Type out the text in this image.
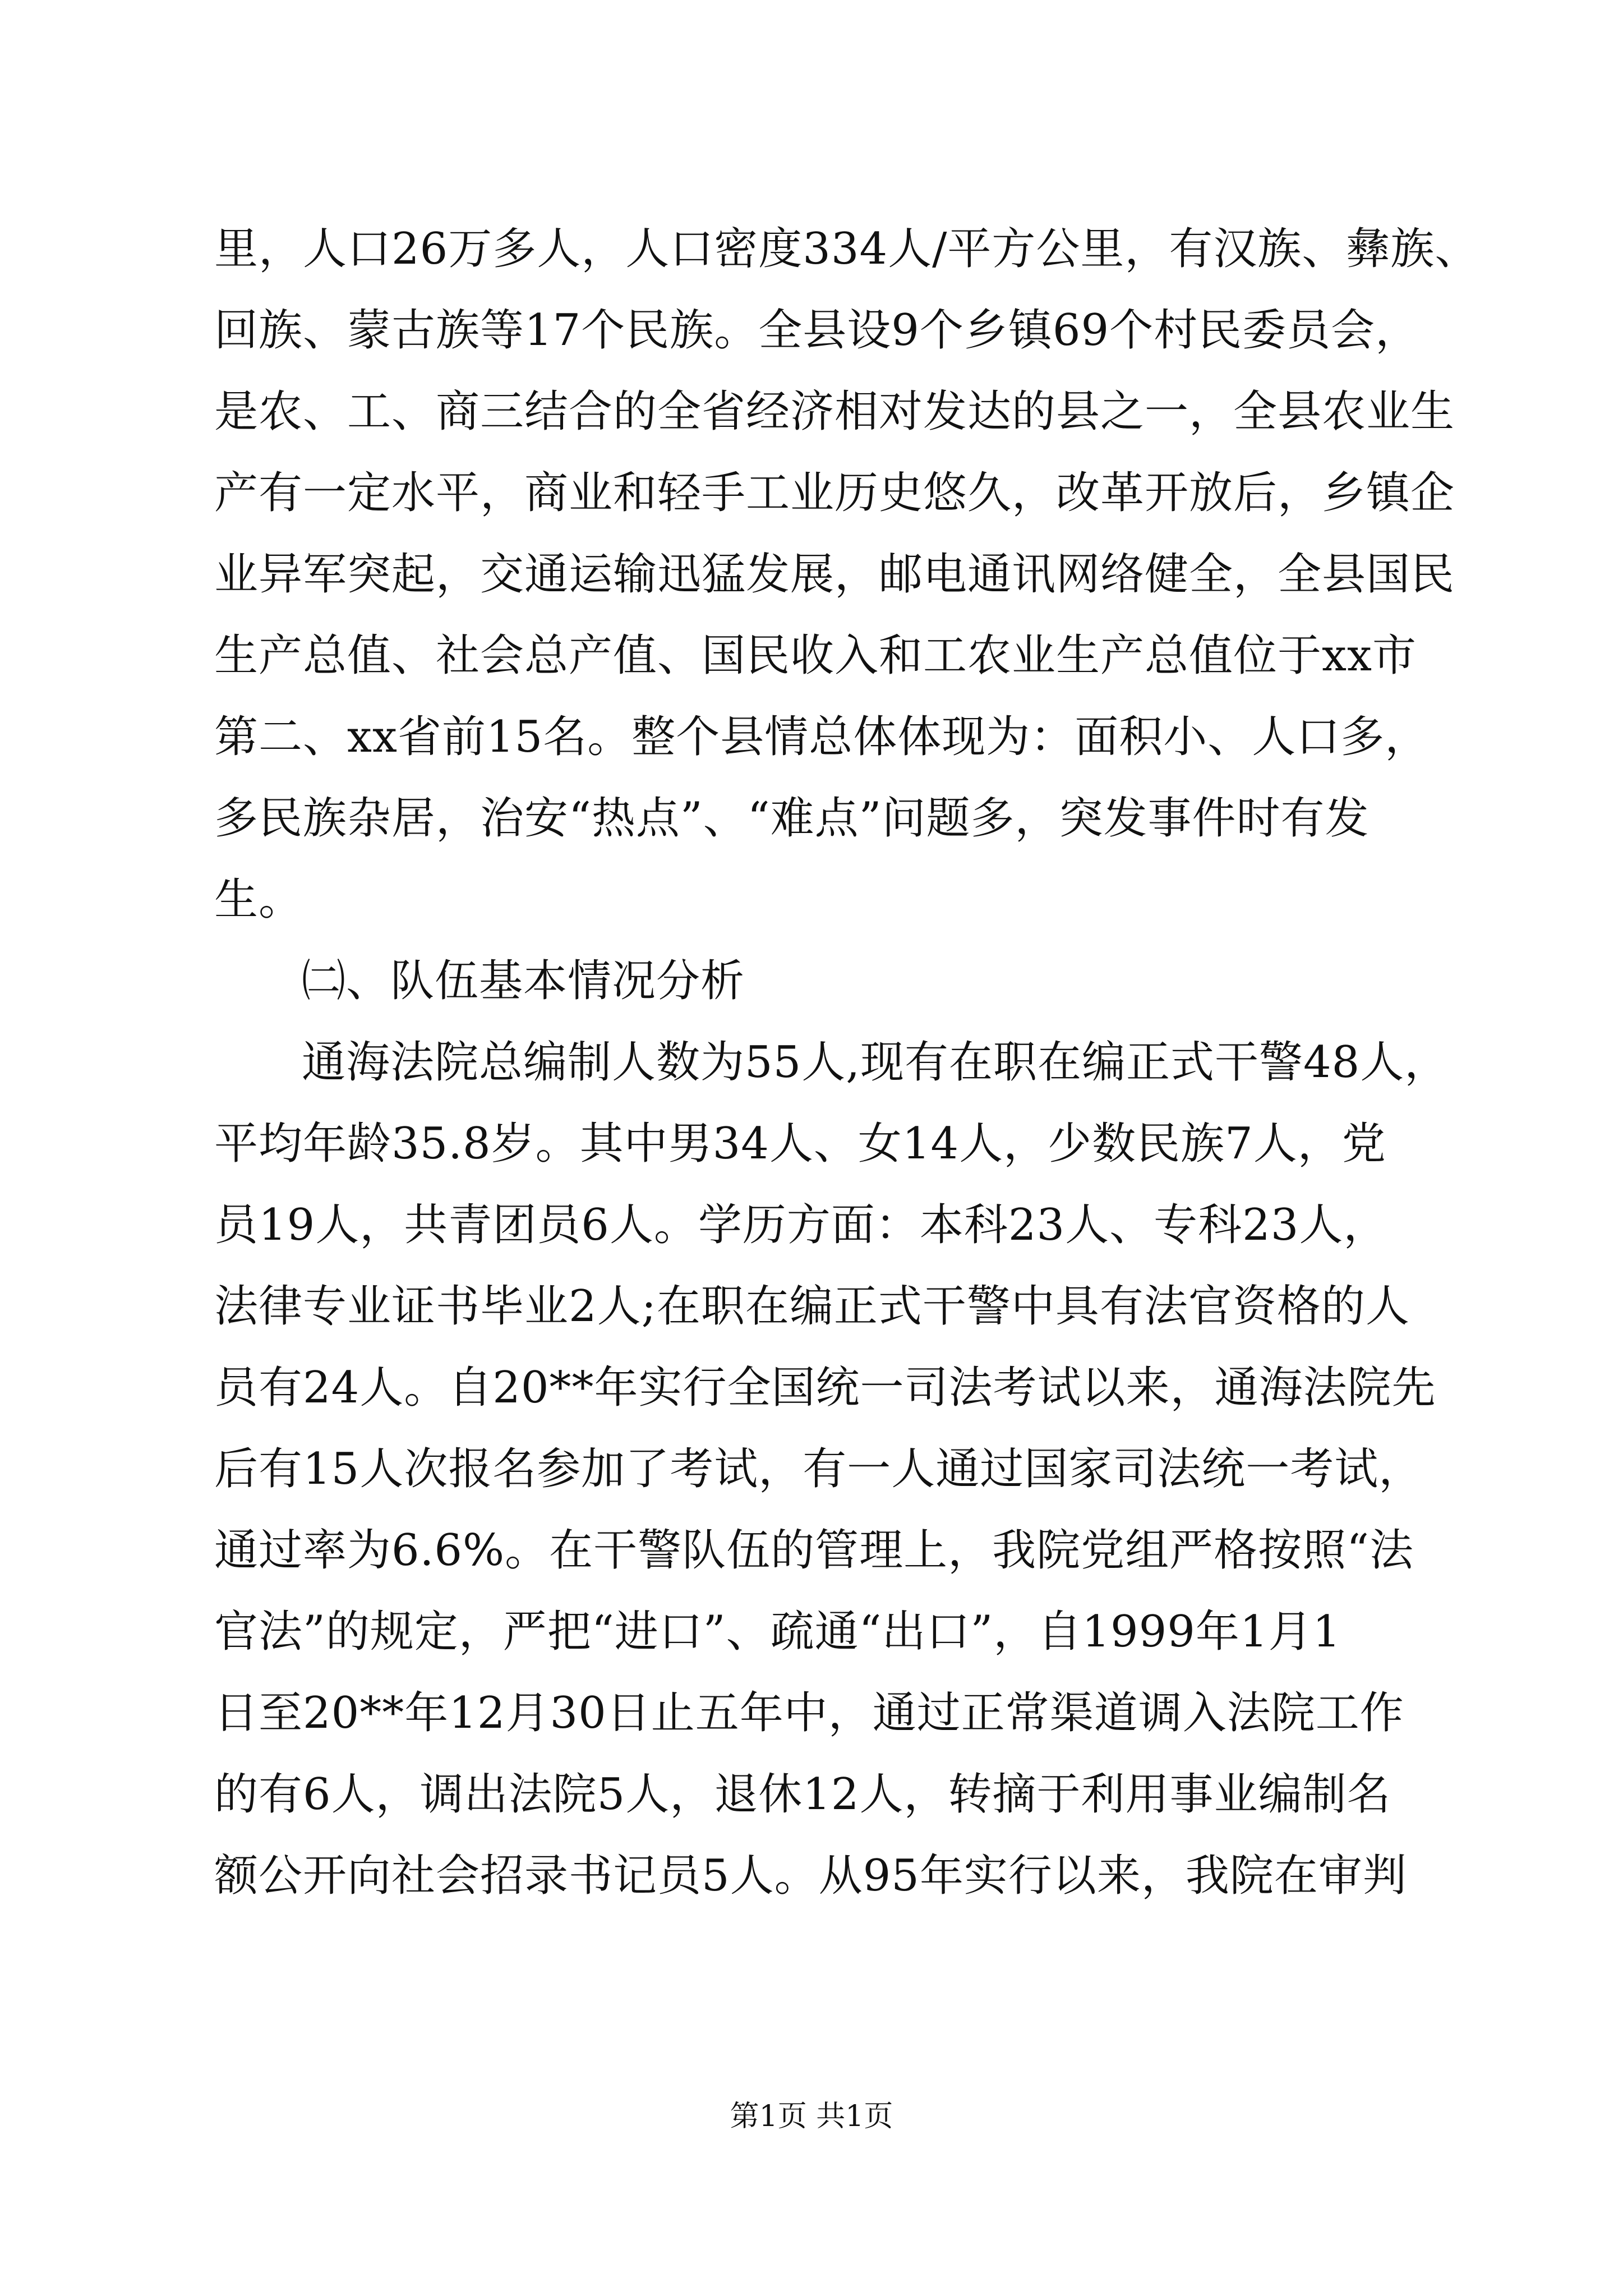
里，人口26万多人，人口密度334人/平方公里，有汉族、彝族、
回族、蒙古族等17个民族。全县设9个乡镇69个村民委员会，
是农、工、商三结合的全省经济相对发达的县之一，全县农业生
产有一定水平，商业和轻手工业历史悠久，改革开放后，乡镇企
业异军突起，交通运输迅猛发展，邮电通讯网络健全，全县国民
生产总值、社会总产值、国民收入和工农业生产总值位于xx市
第二、xx省前15名。整个县情总体体现为：面积小、人口多，
多民族杂居，治安“热点”、“难点”问题多，突发事件时有发
生。
㈡、队伍基本情况分析
通海法院总编制人数为55人,现有在职在编正式干警48人，
平均年龄35.8岁。其中男34人、女14人，少数民族7人，党
员19人，共青团员6人。学历方面：本科23人、专科23人，
法律专业证书毕业2人;在职在编正式干警中具有法官资格的人
员有24人。自20**年实行全国统一司法考试以来，通海法院先
后有15人次报名参加了考试，有一人通过国家司法统一考试，
通过率为6.6%。在干警队伍的管理上，我院党组严格按照“法
官法”的规定，严把“进口”、疏通“出口”，自1999年1月1
日至20**年12月30日止五年中，通过正常渠道调入法院工作
的有6人，调出法院5人，退休12人，转摘于利用事业编制名
额公开向社会招录书记员5人。从95年实行以来，我院在审判
第1页 共1页
